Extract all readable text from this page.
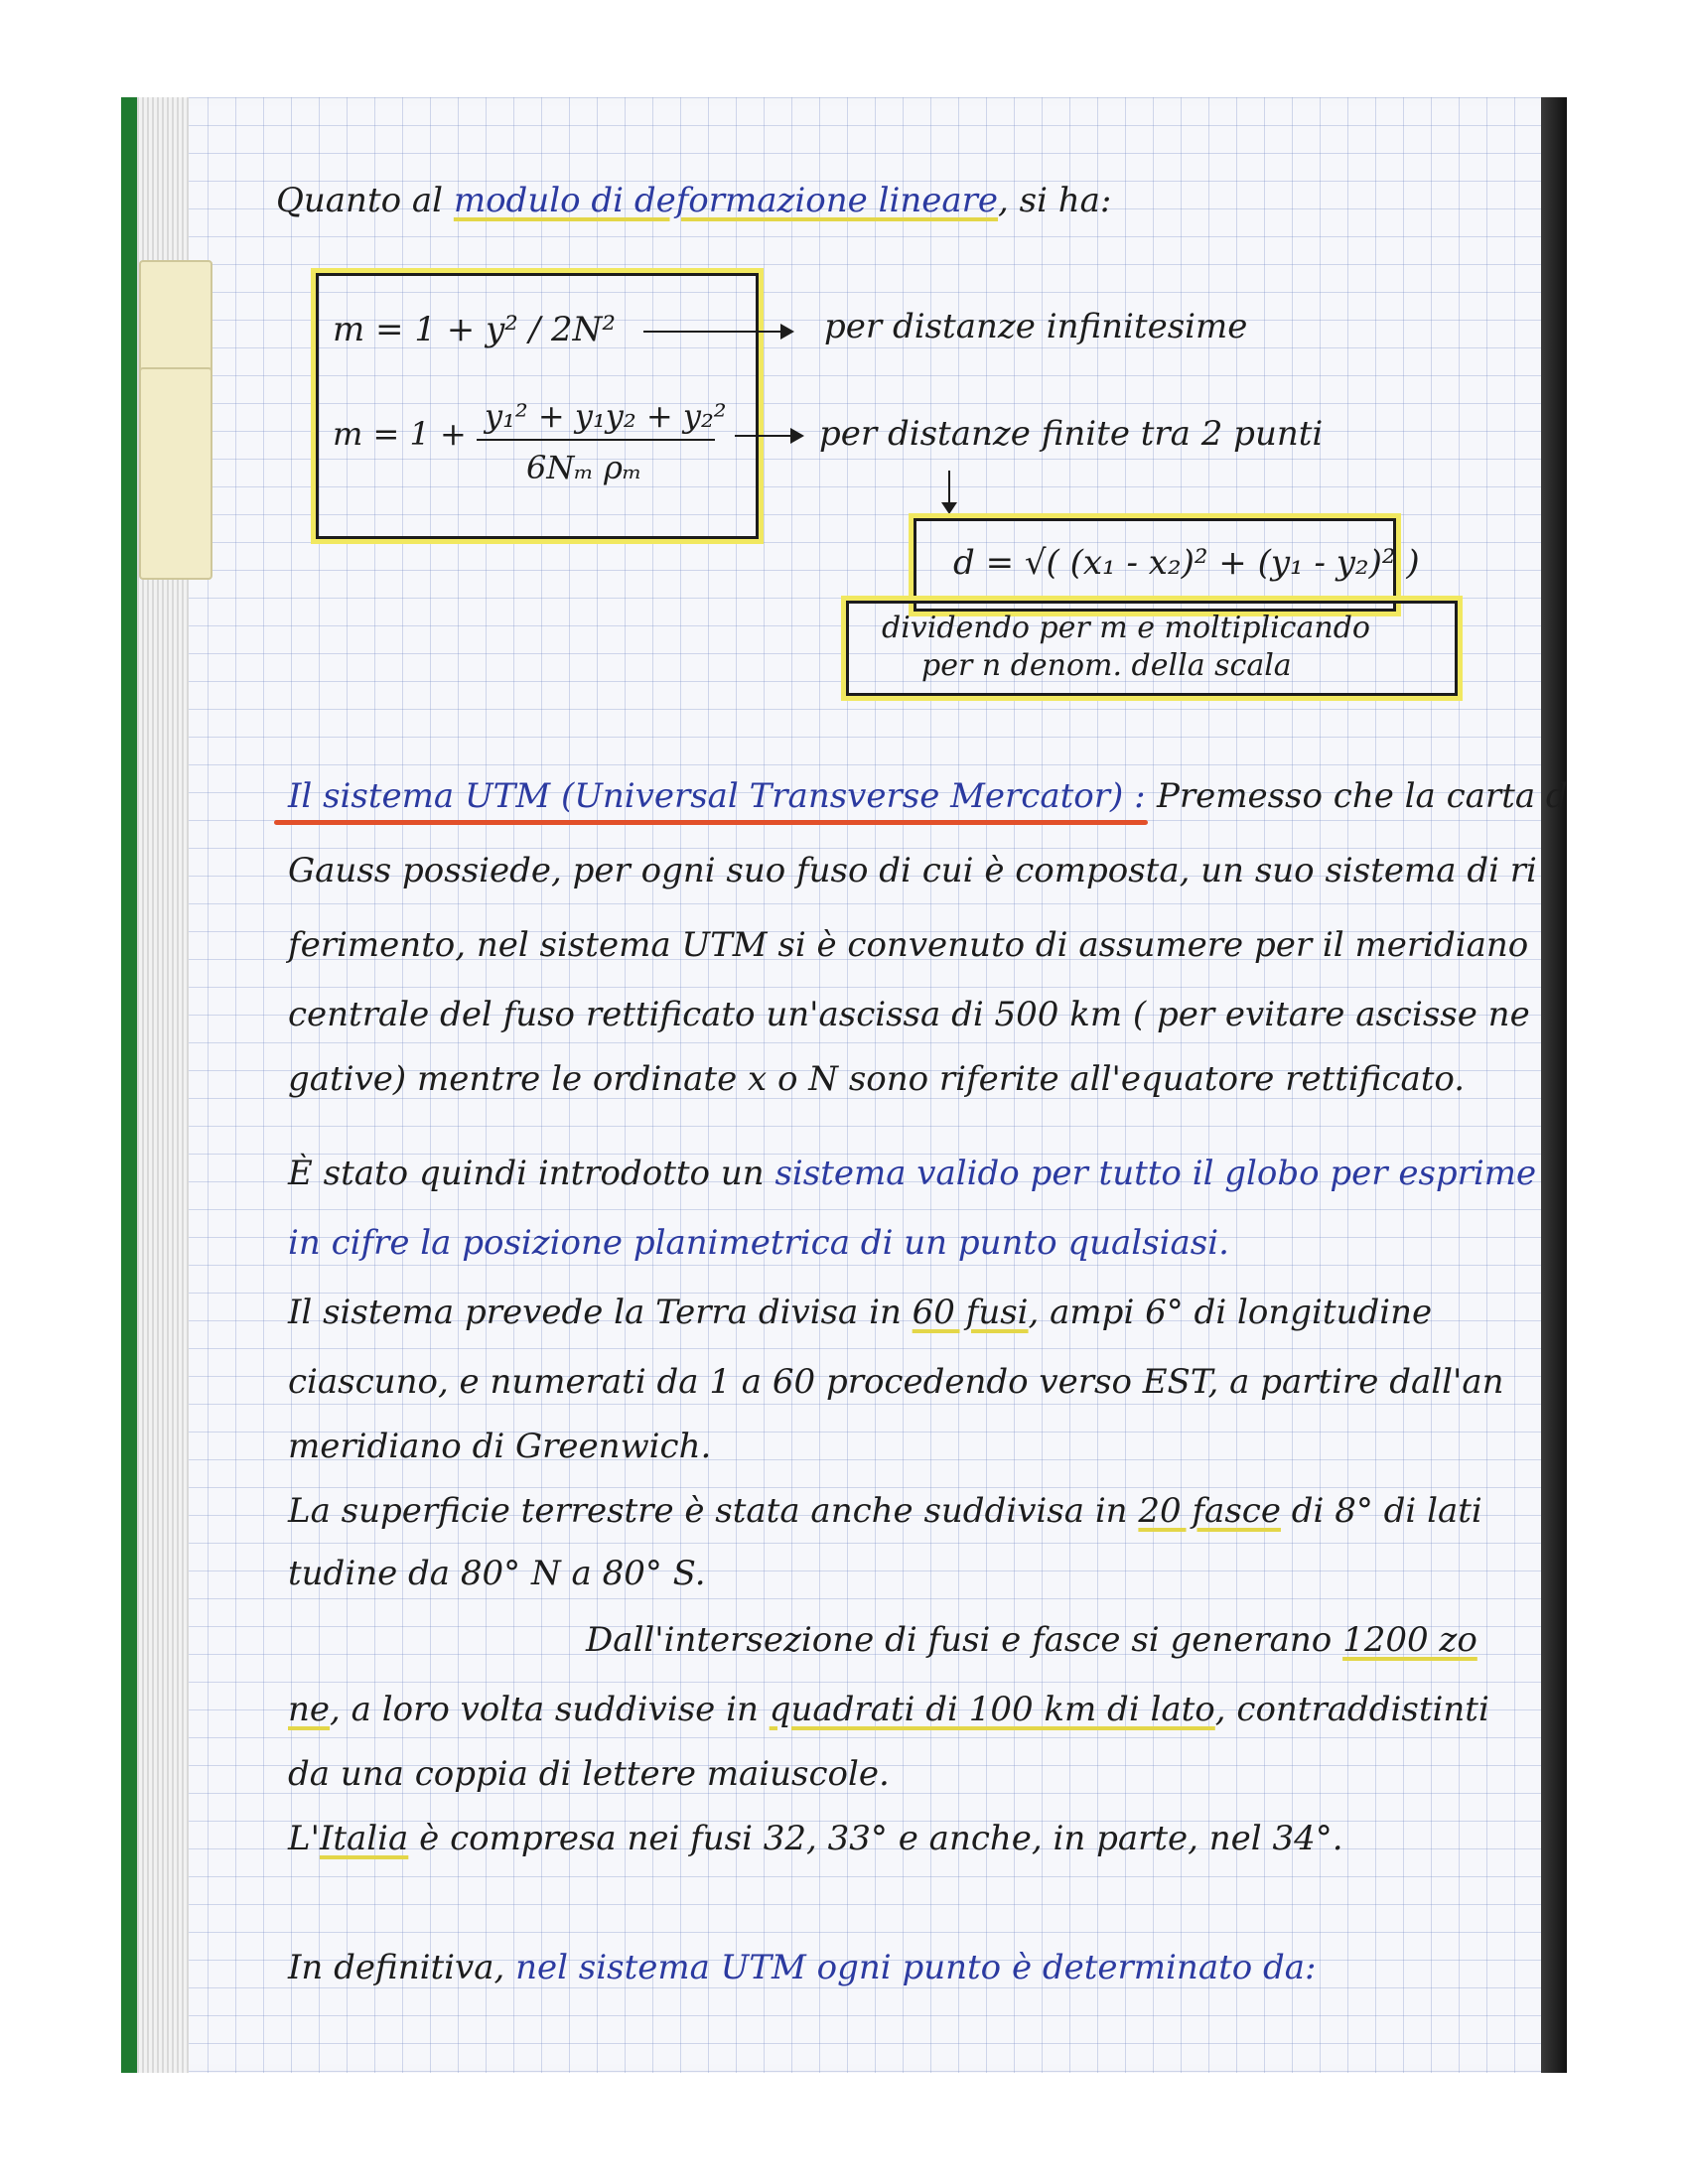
Quanto al modulo di deformazione lineare, si ha:
m = 1 + y² / 2N²	per distanze infinitesime
m = 1 + y₁² + y₁y₂ + y₂²
6Nₘ ρₘ
per distanze finite tra 2 punti
d = √( (x₁ - x₂)² + (y₁ - y₂)² )
dividendo per m e moltiplicando
per n denom. della scala
Il sistema UTM (Universal Transverse Mercator) : Premesso che la carta d
Gauss possiede, per ogni suo fuso di cui è composta, un suo sistema di ri
ferimento, nel sistema UTM si è convenuto di assumere per il meridiano
centrale del fuso rettificato un'ascissa di 500 km ( per evitare ascisse ne
gative) mentre le ordinate x o N sono riferite all'equatore rettificato.
È stato quindi introdotto un sistema valido per tutto il globo per esprime
in cifre la posizione planimetrica di un punto qualsiasi.
Il sistema prevede la Terra divisa in 60 fusi, ampi 6° di longitudine
ciascuno, e numerati da 1 a 60 procedendo verso EST, a partire dall'an
meridiano di Greenwich.
La superficie terrestre è stata anche suddivisa in 20 fasce di 8° di lati
tudine da 80° N a 80° S.
Dall'intersezione di fusi e fasce si generano 1200 zo
ne, a loro volta suddivise in quadrati di 100 km di lato, contraddistinti
da una coppia di lettere maiuscole.
L'Italia è compresa nei fusi 32, 33° e anche, in parte, nel 34°.
In definitiva, nel sistema UTM ogni punto è determinato da:
